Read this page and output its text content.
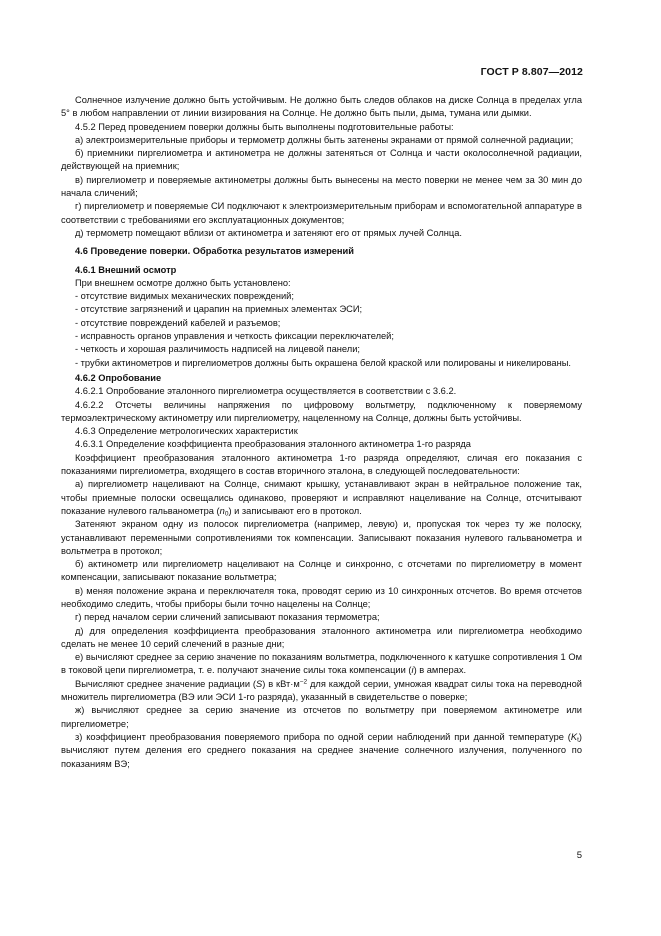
ГОСТ Р 8.807—2012

Солнечное излучение должно быть устойчивым. Не должно быть следов облаков на диске Солнца в пределах угла 5° в любом направлении от линии визирования на Солнце. Не должно быть пыли, дыма, тумана или дымки.

4.5.2 Перед проведением поверки должны быть выполнены подготовительные работы:

а) электроизмерительные приборы и термометр должны быть затенены экранами от прямой солнечной радиации;

б) приемники пиргелиометра и актинометра не должны затеняться от Солнца и части околосолнечной радиации, действующей на приемник;

в) пиргелиометр и поверяемые актинометры должны быть вынесены на место поверки не менее чем за 30 мин до начала сличений;

г) пиргелиометр и поверяемые СИ подключают к электроизмерительным приборам и вспомогательной аппаратуре в соответствии с требованиями его эксплуатационных документов;

д) термометр помещают вблизи от актинометра и затеняют его от прямых лучей Солнца.

4.6 Проведение поверки. Обработка результатов измерений

4.6.1 Внешний осмотр

При внешнем осмотре должно быть установлено:

- отсутствие видимых механических повреждений;

- отсутствие загрязнений и царапин на приемных элементах ЭСИ;

- отсутствие повреждений кабелей и разъемов;

- исправность органов управления и четкость фиксации переключателей;

- четкость и хорошая различимость надписей на лицевой панели;

- трубки актинометров и пиргелиометров должны быть окрашена белой краской или полированы и никелированы.

4.6.2 Опробование

4.6.2.1 Опробование эталонного пиргелиометра осуществляется в соответствии с 3.6.2.

4.6.2.2 Отсчеты величины напряжения по цифровому вольтметру, подключенному к поверяемому термоэлектрическому актинометру или пиргелиометру, нацеленному на Солнце, должны быть устойчивы.

4.6.3 Определение метрологических характеристик

4.6.3.1 Определение коэффициента преобразования эталонного актинометра 1-го разряда

Коэффициент преобразования эталонного актинометра 1-го разряда определяют, сличая его показания с показаниями пиргелиометра, входящего в состав вторичного эталона, в следующей последовательности:

а) пиргелиометр нацеливают на Солнце, снимают крышку, устанавливают экран в нейтральное положение так, чтобы приемные полоски освещались одинаково, проверяют и исправляют нацеливание на Солнце, отсчитывают показание нулевого гальванометра $(n_0)$ и записывают его в протокол.

Затеняют экраном одну из полосок пиргелиометра (например, левую) и, пропуская ток через ту же полоску, устанавливают переменными сопротивлениями ток компенсации. Записывают показания нулевого гальванометра и вольтметра в протокол;

б) актинометр или пиргелиометр нацеливают на Солнце и синхронно, с отсчетами по пиргелиометру в момент компенсации, записывают показание вольтметра;

в) меняя положение экрана и переключателя тока, проводят серию из 10 синхронных отсчетов. Во время отсчетов необходимо следить, чтобы приборы были точно нацелены на Солнце;

г) перед началом серии сличений записывают показания термометра;

д) для определения коэффициента преобразования эталонного актинометра или пиргелиометра необходимо сделать не менее 10 серий слечений в разные дни;

е) вычисляют среднее за серию значение по показаниям вольтметра, подключенного к катушке сопротивления 1 Ом в токовой цепи пиргелиометра, т. е. получают значение силы тока компенсации (i) в амперах.

Вычисляют среднее значение радиации (S) в $кВт\cdot м^{-2}$ для каждой серии, умножая квадрат силы тока на переводной множитель пиргелиометра (ВЭ или ЭСИ 1-го разряда), указанный в свидетельстве о поверке;

ж) вычисляют среднее за серию значение из отсчетов по вольтметру при поверяемом актинометре или пиргелиометре;

з) коэффициент преобразования поверяемого прибора по одной серии наблюдений при данной температуре $(K_t)$ вычисляют путем деления его среднего показания на среднее значение солнечного излучения, полученного по показаниям ВЭ;

5
